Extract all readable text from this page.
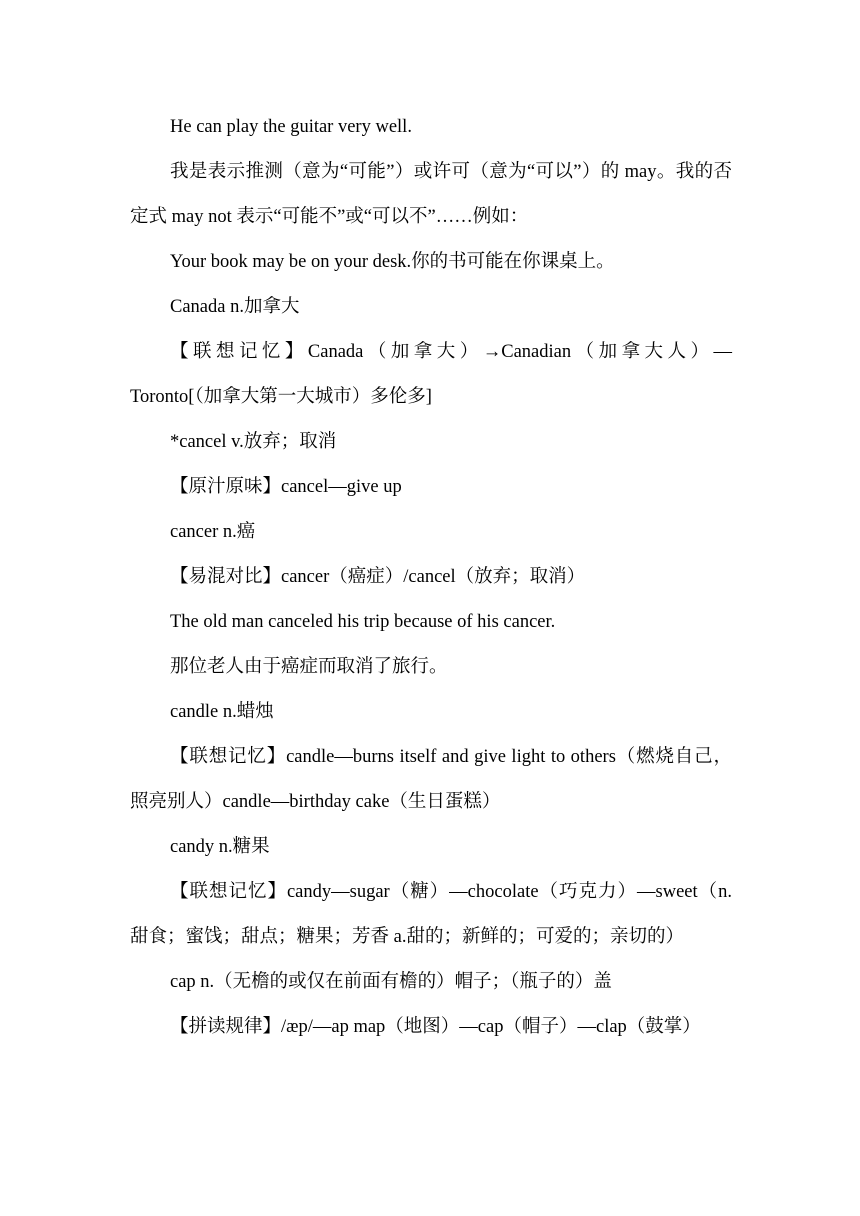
He can play the guitar very well.

我是表示推测（意为“可能”）或许可（意为“可以”）的 may。我的否定式 may not 表示“可能不”或“可以不”……例如：

Your book may be on your desk.你的书可能在你课桌上。

Canada n.加拿大

【联想记忆】Canada（加拿大）→Canadian（加拿大人）—Toronto[（加拿大第一大城市）多伦多]

*cancel v.放弃；取消

【原汁原味】cancel—give up

cancer n.癌

【易混对比】cancer（癌症）/cancel（放弃；取消）

The old man canceled his trip because of his cancer.

那位老人由于癌症而取消了旅行。

candle n.蜡烛

【联想记忆】candle—burns itself and give light to others（燃烧自己，照亮别人）candle—birthday cake（生日蛋糕）

candy n.糖果

【联想记忆】candy—sugar（糖）—chocolate（巧克力）—sweet（n.甜食；蜜饯；甜点；糖果；芳香 a.甜的；新鲜的；可爱的；亲切的）

cap n.（无檐的或仅在前面有檐的）帽子；（瓶子的）盖

【拼读规律】/æp/—ap map（地图）—cap（帽子）—clap（鼓掌）
